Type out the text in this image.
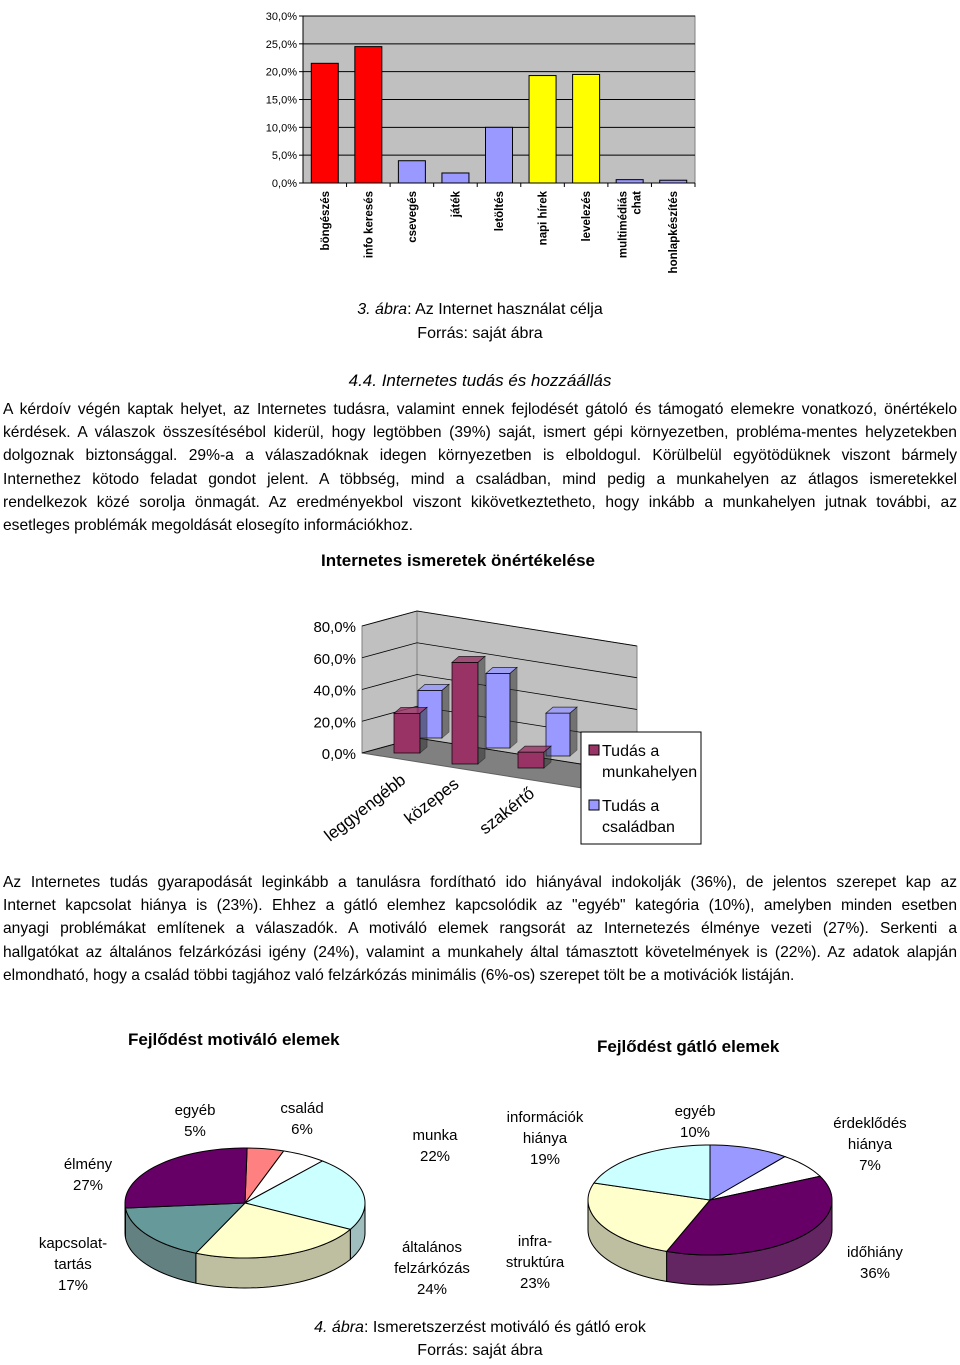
0,0%
5,0%
10,0%
15,0%
20,0%
25,0%
30,0%
böngészés	info keresés	csevegés	játék	letöltés	napi hírek	levelezés multimédiás chat honlapkészítés
3. ábra: Az Internet használat célja
Forrás: saját ábra
4.4. Internetes tudás és hozzáállás
A kérdoív végén kaptak helyet, az Internetes tudásra, valamint ennek fejlodését gátoló és támogató elemekre vonatkozó, önértékelo
kérdések. A válaszok összesítésébol kiderül, hogy legtöbben (39%) saját, ismert gépi környezetben, probléma-mentes helyzetekben
dolgoznak biztonsággal. 29%-a a válaszadóknak idegen környezetben is elboldogul. Körülbelül egyötödüknek viszont bármely
Internethez kötodo feladat gondot jelent. A többség, mind a családban, mind pedig a munkahelyen az átlagos ismeretekkel
rendelkezok közé sorolja önmagát. Az eredményekbol viszont kikövetkeztetheto, hogy inkább a munkahelyen jutnak további, az
esetleges problémák megoldását elosegíto információkhoz.
Internetes ismeretek önértékelése
0,0%
20,0%
40,0%
60,0%
80,0%
leggyengébb
közepes szakértő
Tudás a
munkahelyen
Tudás a
családban
Az Internetes tudás gyarapodását leginkább a tanulásra fordítható ido hiányával indokolják (36%), de jelentos szerepet kap az
Internet kapcsolat hiánya is (23%). Ehhez a gátló elemhez kapcsolódik az "egyéb" kategória (10%), amelyben minden esetben
anyagi problémákat említenek a válaszadók. A motiváló elemek rangsorát az Internetezés élménye vezeti (27%). Serkenti a
hallgatókat az általános felzárkózási igény (24%), valamint a munkahely által támasztott követelmények is (22%). Az adatok alapján
elmondható, hogy a család többi tagjához való felzárkózás minimális (6%-os) szerepet tölt be a motivációk listáján.
Fejlődést motiváló elemek
egyéb
5%
család
6%	munka
22%
általános
felzárkózás
24%
kapcsolat-
tartás
17%
élmény
27%
Fejlődést gátló elemek
egyéb
10%
érdeklődés
hiánya
7%
időhiány
36%
infra-
struktúra
23%
információk
hiánya
19%
4. ábra: Ismeretszerzést motiváló és gátló erok
Forrás: saját ábra
